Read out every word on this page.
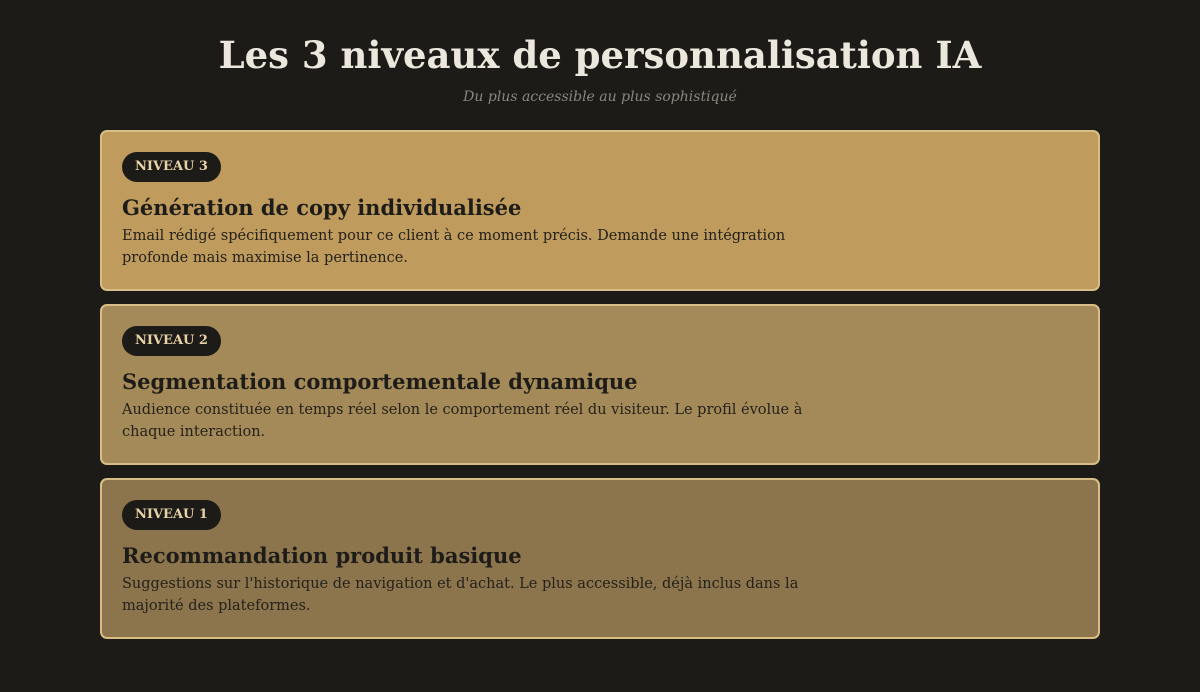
Les 3 niveaux de personnalisation IA
Du plus accessible au plus sophistiqué
NIVEAU 3
Génération de copy individualisée

Email rédigé spécifiquement pour ce client à ce moment précis. Demande une intégration profonde mais maximise la pertinence.

NIVEAU 2
Segmentation comportementale dynamique

Audience constituée en temps réel selon le comportement réel du visiteur. Le profil évolue à chaque interaction.

NIVEAU 1
Recommandation produit basique

Suggestions sur l'historique de navigation et d'achat. Le plus accessible, déjà inclus dans la majorité des plateformes.
